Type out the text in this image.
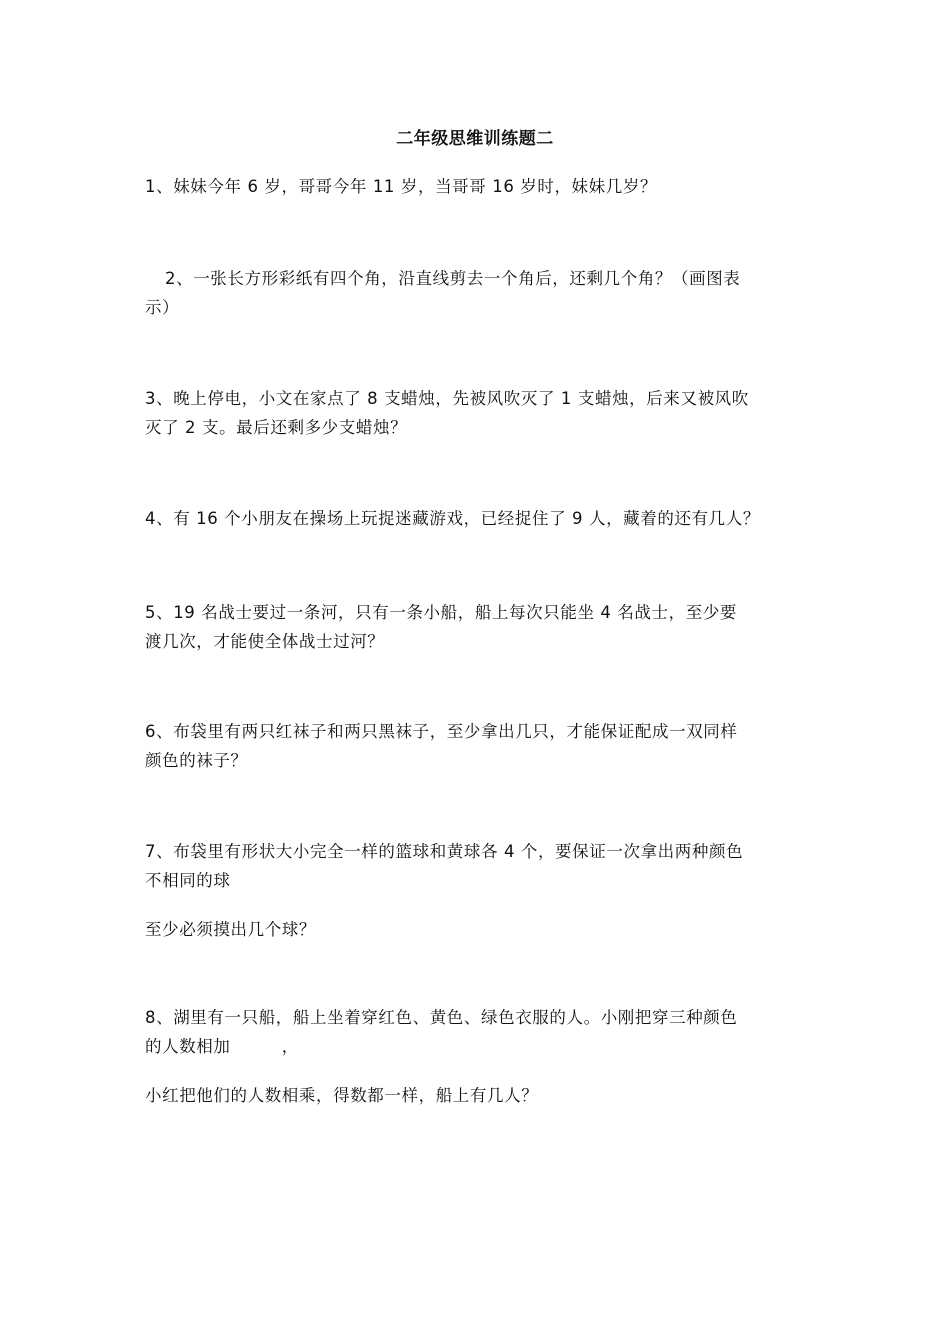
二年级思维训练题二
1、妹妹今年 6 岁，哥哥今年 11 岁，当哥哥 16 岁时，妹妹几岁？
2、一张长方形彩纸有四个角，沿直线剪去一个角后，还剩几个角？（画图表
示）
3、晚上停电，小文在家点了 8 支蜡烛，先被风吹灭了 1 支蜡烛，后来又被风吹
灭了 2 支。最后还剩多少支蜡烛？
4、有 16 个小朋友在操场上玩捉迷藏游戏，已经捉住了 9 人，藏着的还有几人？
5、19 名战士要过一条河，只有一条小船，船上每次只能坐 4 名战士，至少要
渡几次，才能使全体战士过河？
6、布袋里有两只红袜子和两只黑袜子，至少拿出几只，才能保证配成一双同样
颜色的袜子？
7、布袋里有形状大小完全一样的篮球和黄球各 4 个，要保证一次拿出两种颜色
不相同的球
至少必须摸出几个球？
8、湖里有一只船，船上坐着穿红色、黄色、绿色衣服的人。小刚把穿三种颜色
的人数相加　　　，
小红把他们的人数相乘，得数都一样，船上有几人？
